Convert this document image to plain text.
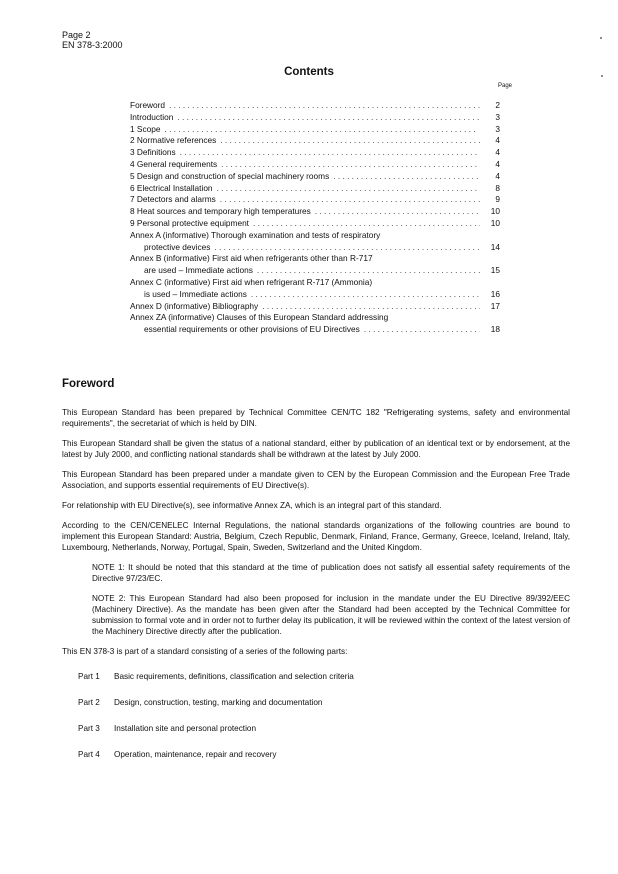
Page 2
EN 378-3:2000
Contents
Page
Foreword . . .	2
Introduction . . .	3
1 Scope . . .	3
2 Normative references . . .	4
3 Definitions . . .	4
4 General requirements . . .	4
5 Design and construction of special machinery rooms . . .	4
6 Electrical Installation . . .	8
7 Detectors and alarms . . .	9
8 Heat sources and temporary high temperatures . . .	10
9 Personal protective equipment . . .	10
Annex A (informative) Thorough examination and tests of respiratory
protective devices . . .	14
Annex B (informative) First aid when refrigerants other than R-717
are used – Immediate actions . . .	15
Annex C (informative) First aid when refrigerant R-717 (Ammonia)
is used – Immediate actions . . .	16
Annex D (informative) Bibliography . . .	17
Annex ZA (informative) Clauses of this European Standard addressing
essential requirements or other provisions of EU Directives . . .	18
Foreword

This European Standard has been prepared by Technical Committee CEN/TC 182 "Refrigerating systems, safety and environmental requirements", the secretariat of which is held by DIN.

This European Standard shall be given the status of a national standard, either by publication of an identical text or by endorsement, at the latest by July 2000, and conflicting national standards shall be withdrawn at the latest by July 2000.

This European Standard has been prepared under a mandate given to CEN by the European Commission and the European Free Trade Association, and supports essential requirements of EU Directive(s).

For relationship with EU Directive(s), see informative Annex ZA, which is an integral part of this standard.

According to the CEN/CENELEC Internal Regulations, the national standards organizations of the following countries are bound to implement this European Standard: Austria, Belgium, Czech Republic, Denmark, Finland, France, Germany, Greece, Iceland, Ireland, Italy, Luxembourg, Netherlands, Norway, Portugal, Spain, Sweden, Switzerland and the United Kingdom.

NOTE 1: It should be noted that this standard at the time of publication does not satisfy all essential safety requirements of the Directive 97/23/EC.

NOTE 2: This European Standard had also been proposed for inclusion in the mandate under the EU Directive 89/392/EEC (Machinery Directive). As the mandate has been given after the Standard had been accepted by the Technical Committee for submission to formal vote and in order not to further delay its publication, it will be reviewed within the context of the latest version of the Machinery Directive directly after the publication.

This EN 378-3 is part of a standard consisting of a series of the following parts:

Part 1 Basic requirements, definitions, classification and selection criteria

Part 2 Design, construction, testing, marking and documentation

Part 3 Installation site and personal protection

Part 4 Operation, maintenance, repair and recovery
